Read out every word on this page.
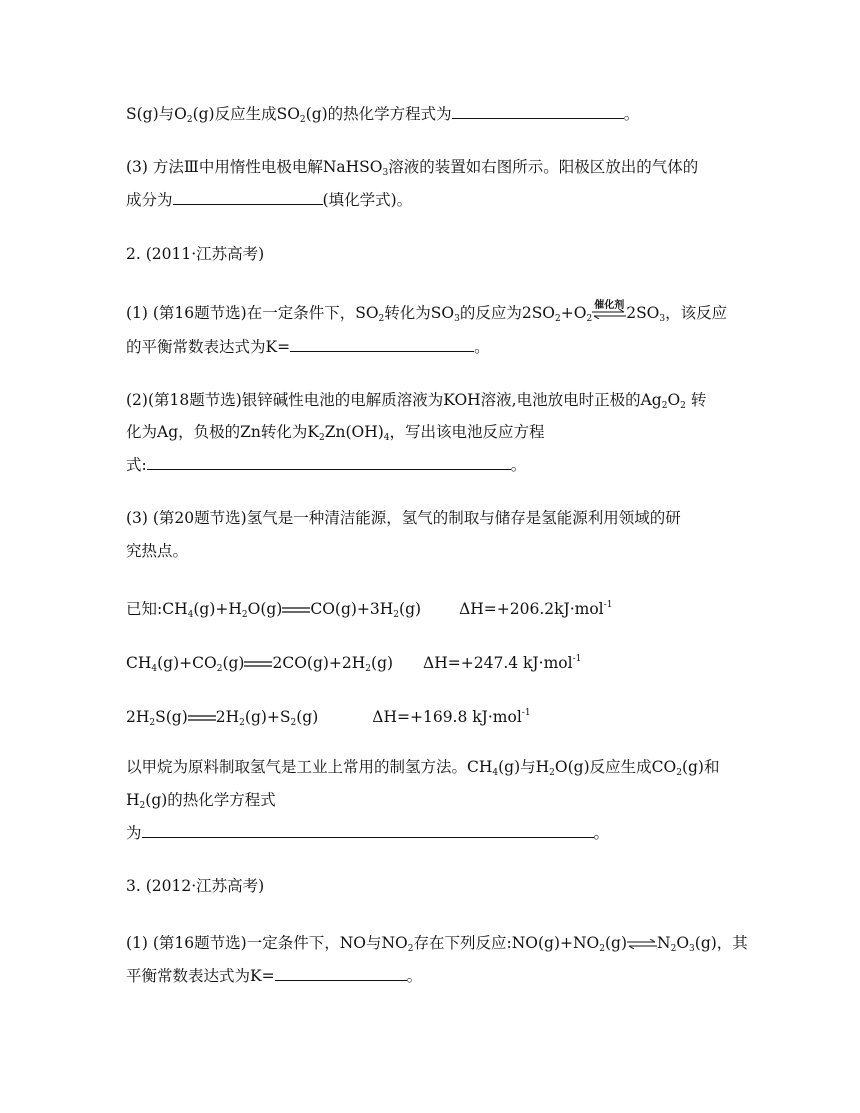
S(g)与$O_2(g)$反应生成$SO_2(g)$的热化学方程式为	。
(3) 方法Ⅲ中用惰性电极电解NaHSO$_3$溶液的装置如右图所示。阳极区放出的气体的
成分为	(填化学式)。
2. (2011·江苏高考)
(1) (第16题节选)在一定条件下，$SO_2$转化为$SO_3$的反应为$2SO_2+O_2$
催化剂 $2SO_3$，该反应
的平衡常数表达式为K=	。
(2)(第18题节选)银锌碱性电池的电解质溶液为KOH溶液,电池放电时正极的$Ag_2O_2$ 转
化为Ag，负极的Zn转化为$K_2Zn(OH)_4$，写出该电池反应方程
式:	。
(3) (第20题节选)氢气是一种清洁能源，氢气的制取与储存是氢能源利用领域的研
究热点。
已知$:CH_4(g)+H_2O(g)$ $CO(g)+3H_2(g)$ ΔH=+206.2kJ·mol$^{-1}$
$CH_4(g)+CO_2(g)$ $2CO(g)+2H_2(g)$ ΔH=+247.4 kJ·mol$^{-1}$
$2H_2S(g)$ $2H_2(g)+S_2(g)$	ΔH=+169.8 kJ·mol$^{-1}$
以甲烷为原料制取氢气是工业上常用的制氢方法。$CH_4(g)$与$H_2O(g)$反应生成$CO_2(g)$和
$H_2(g)$的热化学方程式
为	。
3. (2012·江苏高考)
(1) (第16题节选)一定条件下，NO与$NO_2$存在下列反应$:NO(g)+NO_2(g)\rightleftharpoons N_2O_3(g)$，其
平衡常数表达式为K=	。
